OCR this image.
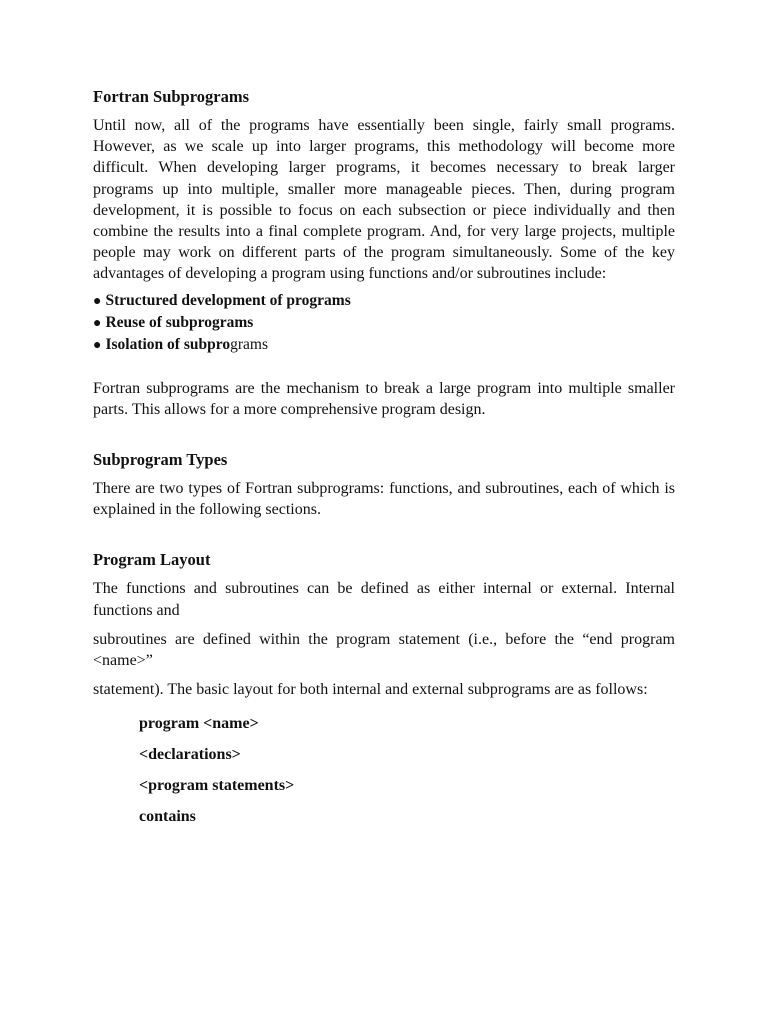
Fortran Subprograms

Until now, all of the programs have essentially been single, fairly small programs. However, as we scale up into larger programs, this methodology will become more difficult. When developing larger programs, it becomes necessary to break larger programs up into multiple, smaller more manageable pieces. Then, during program development, it is possible to focus on each subsection or piece individually and then combine the results into a final complete program. And, for very large projects, multiple people may work on different parts of the program simultaneously. Some of the key advantages of developing a program using functions and/or subroutines include:

● Structured development of programs
● Reuse of subprograms
● Isolation of subprograms

Fortran subprograms are the mechanism to break a large program into multiple smaller parts. This allows for a more comprehensive program design.

Subprogram Types

There are two types of Fortran subprograms: functions, and subroutines, each of which is explained in the following sections.

Program Layout

The functions and subroutines can be defined as either internal or external. Internal functions and

subroutines are defined within the program statement (i.e., before the “end program <name>”

statement). The basic layout for both internal and external subprograms are as follows:

program <name>
<declarations>
<program statements>
contains
